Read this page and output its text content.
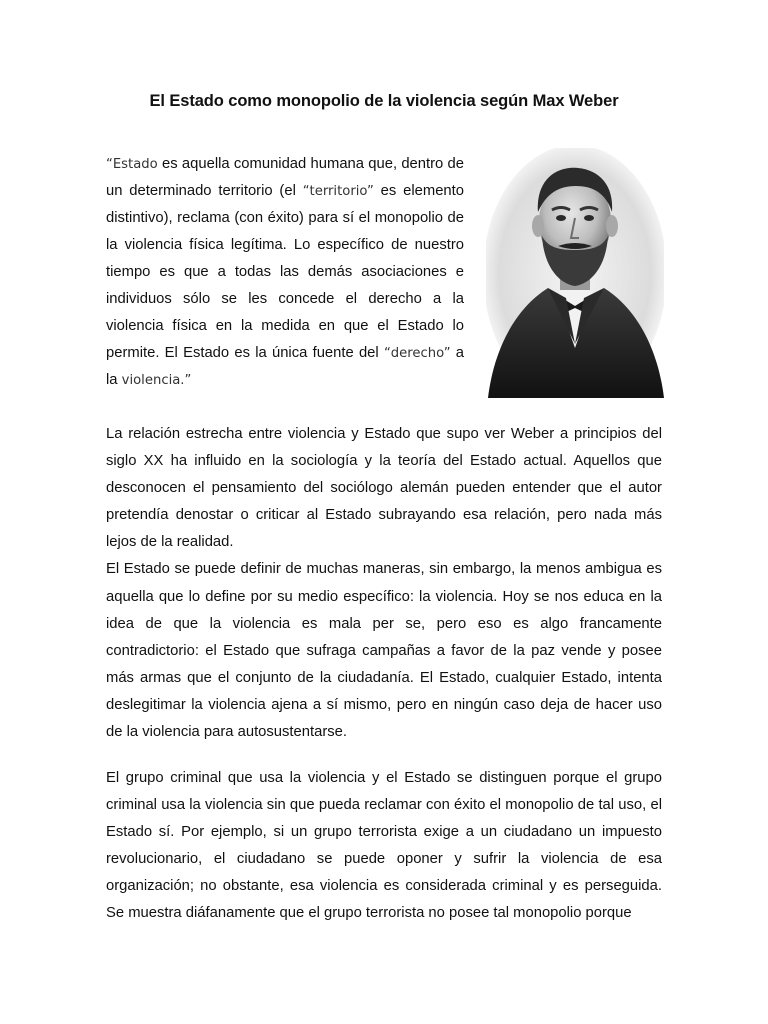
El Estado como monopolio de la violencia según Max Weber
“Estado es aquella comunidad humana que, dentro de un determinado territorio (el “territorio” es elemento distintivo), reclama (con éxito) para sí el monopolio de la violencia física legítima. Lo específico de nuestro tiempo es que a todas las demás asociaciones e individuos sólo se les concede el derecho a la violencia física en la medida en que el Estado lo permite. El Estado es la única fuente del “derecho” a la violencia.”

La relación estrecha entre violencia y Estado que supo ver Weber a principios del siglo XX ha influido en la sociología y la teoría del Estado actual. Aquellos que desconocen el pensamiento del sociólogo alemán pueden entender que el autor pretendía denostar o criticar al Estado subrayando esa relación, pero nada más lejos de la realidad.

El Estado se puede definir de muchas maneras, sin embargo, la menos ambigua es aquella que lo define por su medio específico: la violencia. Hoy se nos educa en la idea de que la violencia es mala per se, pero eso es algo francamente contradictorio: el Estado que sufraga campañas a favor de la paz vende y posee más armas que el conjunto de la ciudadanía. El Estado, cualquier Estado, intenta deslegitimar la violencia ajena a sí mismo, pero en ningún caso deja de hacer uso de la violencia para autosustentarse.

El grupo criminal que usa la violencia y el Estado se distinguen porque el grupo criminal usa la violencia sin que pueda reclamar con éxito el monopolio de tal uso, el Estado sí. Por ejemplo, si un grupo terrorista exige a un ciudadano un impuesto revolucionario, el ciudadano se puede oponer y sufrir la violencia de esa organización; no obstante, esa violencia es considerada criminal y es perseguida. Se muestra diáfanamente que el grupo terrorista no posee tal monopolio porque
